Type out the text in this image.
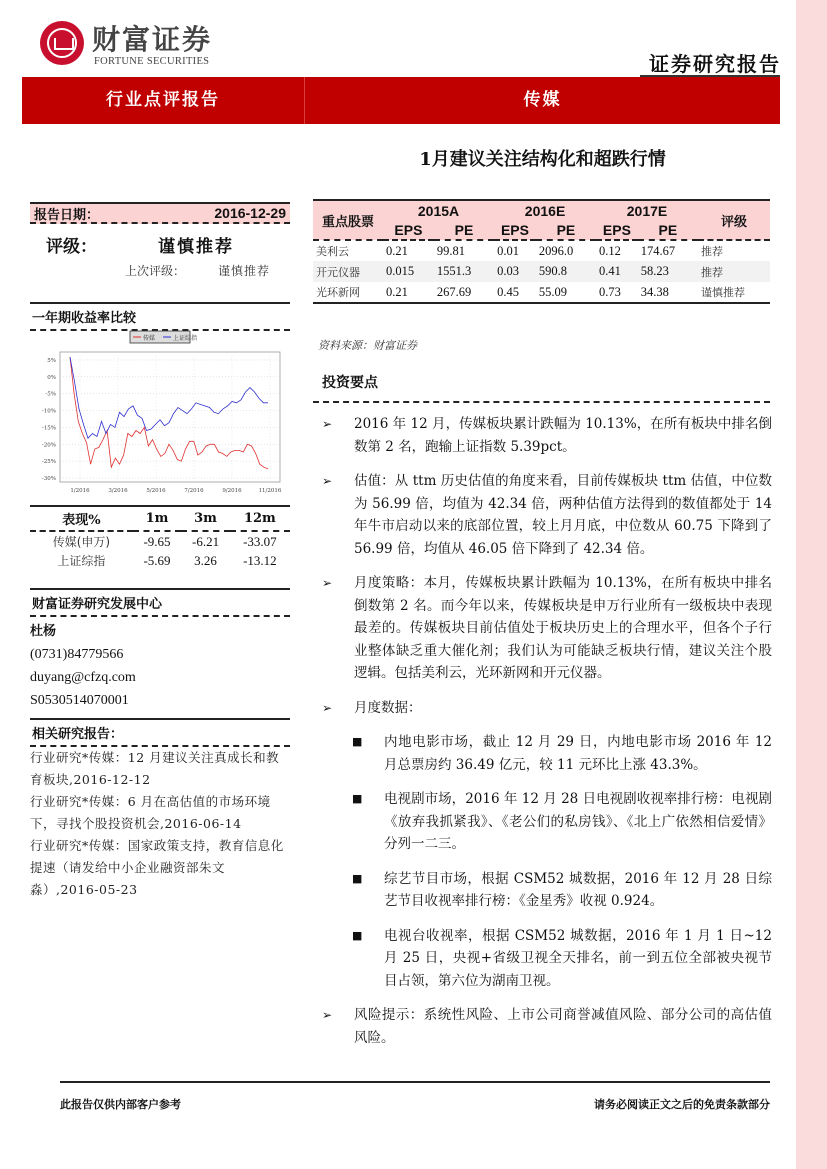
财富证券
FORTUNE SECURITIES	证券研究报告
行业点评报告	传媒
1月建议关注结构化和超跌行情
报告日期：	2016-12-29
评级：	谨慎推荐
上次评级：	谨慎推荐
一年期收益率比较
传媒	上证综指
5%
0%
-5%
-10%
-15%
-20%
-25%
-30%
1/2016	3/2016	5/2016	7/2016	9/2016	11/2016
表现%	1m	3m	12m
传媒(申万)	-9.65	-6.21	-33.07
上证综指	-5.69	3.26	-13.12
财富证券研究发展中心
杜杨
(0731)84779566
duyang@cfzq.com
S0530514070001
相关研究报告：
行业研究*传媒：12 月建议关注真成长和教育板块,2016-12-12
行业研究*传媒：6 月在高估值的市场环境下，寻找个股投资机会,2016-06-14
行业研究*传媒：国家政策支持，教育信息化提速（请发给中小企业融资部朱文淼）,2016-05-23
重点股票	2015A		2016E		2017E		评级
	EPS	PE	EPS	PE	EPS	PE	
美利云	0.21	99.81	0.01	2096.0	0.12	174.67	推荐
开元仪器	0.015	1551.3	0.03	590.8	0.41	58.23	推荐
光环新网	0.21	267.69	0.45	55.09	0.73	34.38	谨慎推荐
资料来源：财富证券
投资要点
➢ 2016 年 12 月，传媒板块累计跌幅为 10.13%，在所有板块中排名倒数第 2 名，跑输上证指数 5.39pct。
➢ 估值：从 ttm 历史估值的角度来看，目前传媒板块 ttm 估值，中位数为 56.99 倍，均值为 42.34 倍，两种估值方法得到的数值都处于 14 年牛市启动以来的底部位置，较上月月底，中位数从 60.75 下降到了 56.99 倍，均值从 46.05 倍下降到了 42.34 倍。
➢ 月度策略：本月，传媒板块累计跌幅为 10.13%，在所有板块中排名倒数第 2 名。而今年以来，传媒板块是申万行业所有一级板块中表现最差的。传媒板块目前估值处于板块历史上的合理水平，但各个子行业整体缺乏重大催化剂；我们认为可能缺乏板块行情，建议关注个股逻辑。包括美利云，光环新网和开元仪器。
➢ 月度数据：
■ 内地电影市场，截止 12 月 29 日，内地电影市场 2016 年 12 月总票房约 36.49 亿元，较 11 元环比上涨 43.3%。
■ 电视剧市场，2016 年 12 月 28 日电视剧收视率排行榜：电视剧《放弃我抓紧我》、《老公们的私房钱》、《北上广依然相信爱情》分列一二三。
■ 综艺节目市场，根据 CSM52 城数据，2016 年 12 月 28 日综艺节目收视率排行榜：《金星秀》收视 0.924。
■ 电视台收视率，根据 CSM52 城数据，2016 年 1 月 1 日~12 月 25 日，央视+省级卫视全天排名，前一到五位全部被央视节目占领，第六位为湖南卫视。
➢ 风险提示：系统性风险、上市公司商誉减值风险、部分公司的高估值风险。
此报告仅供内部客户参考	请务必阅读正文之后的免责条款部分
